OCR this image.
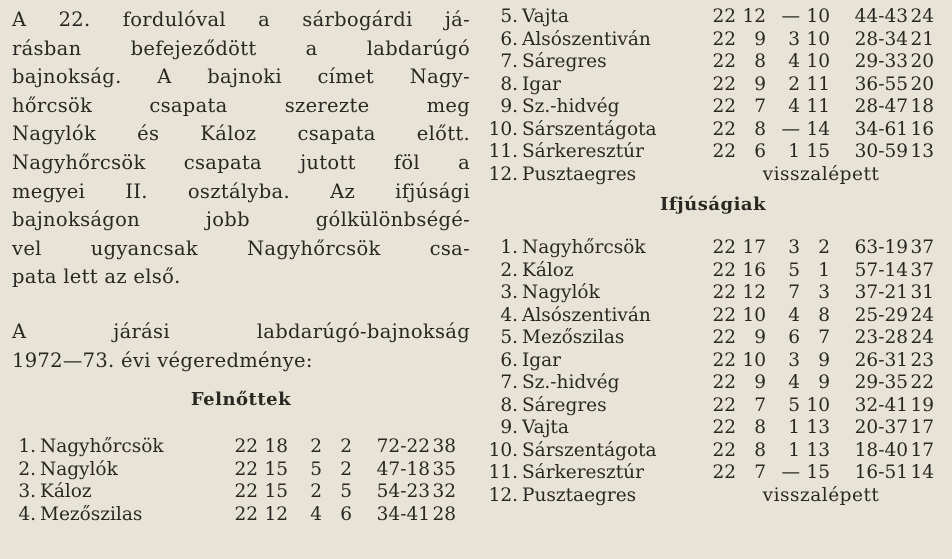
A 22. fordulóval a sárbogárdi já-
rásban befejeződött a labdarúgó
bajnokság. A bajnoki címet Nagy-
hőrcsök csapata szerezte meg
Nagylók és Káloz csapata előtt.
Nagyhőrcsök csapata jutott föl a
megyei II. osztályba. Az ifjúsági
bajnokságon jobb gólkülönbségé-
vel ugyancsak Nagyhőrcsök csa-
pata lett az első.

A járási labdarúgó-bajnokság
1972—73. évi végeredménye:

Felnőttek

1.	Nagyhőrcsök	22	18	2	2	72-22	38
2.	Nagylók	22	15	5	2	47-18	35
3.	Káloz	22	15	2	5	54-23	32
4.	Mezőszilas	22	12	4	6	34-41	28
5.	Vajta	22	12	—	10	44-43	24
6.	Alsószentiván	22	9	3	10	28-34	21
7.	Sáregres	22	8	4	10	29-33	20
8.	Igar	22	9	2	11	36-55	20
9.	Sz.-hidvég	22	7	4	11	28-47	18
10.	Sárszentágota	22	8	—	14	34-61	16
11.	Sárkeresztúr	22	6	1	15	30-59	13
12.	Pusztaegres	visszalépett					

Ifjúságiak

1.	Nagyhőrcsök	22	17	3	2	63-19	37
2.	Káloz	22	16	5	1	57-14	37
3.	Nagylók	22	12	7	3	37-21	31
4.	Alsószentiván	22	10	4	8	25-29	24
5.	Mezőszilas	22	9	6	7	23-28	24
6.	Igar	22	10	3	9	26-31	23
7.	Sz.-hidvég	22	9	4	9	29-35	22
8.	Sáregres	22	7	5	10	32-41	19
9.	Vajta	22	8	1	13	20-37	17
10.	Sárszentágota	22	8	1	13	18-40	17
11.	Sárkeresztúr	22	7	—	15	16-51	14
12.	Pusztaegres	visszalépett					
